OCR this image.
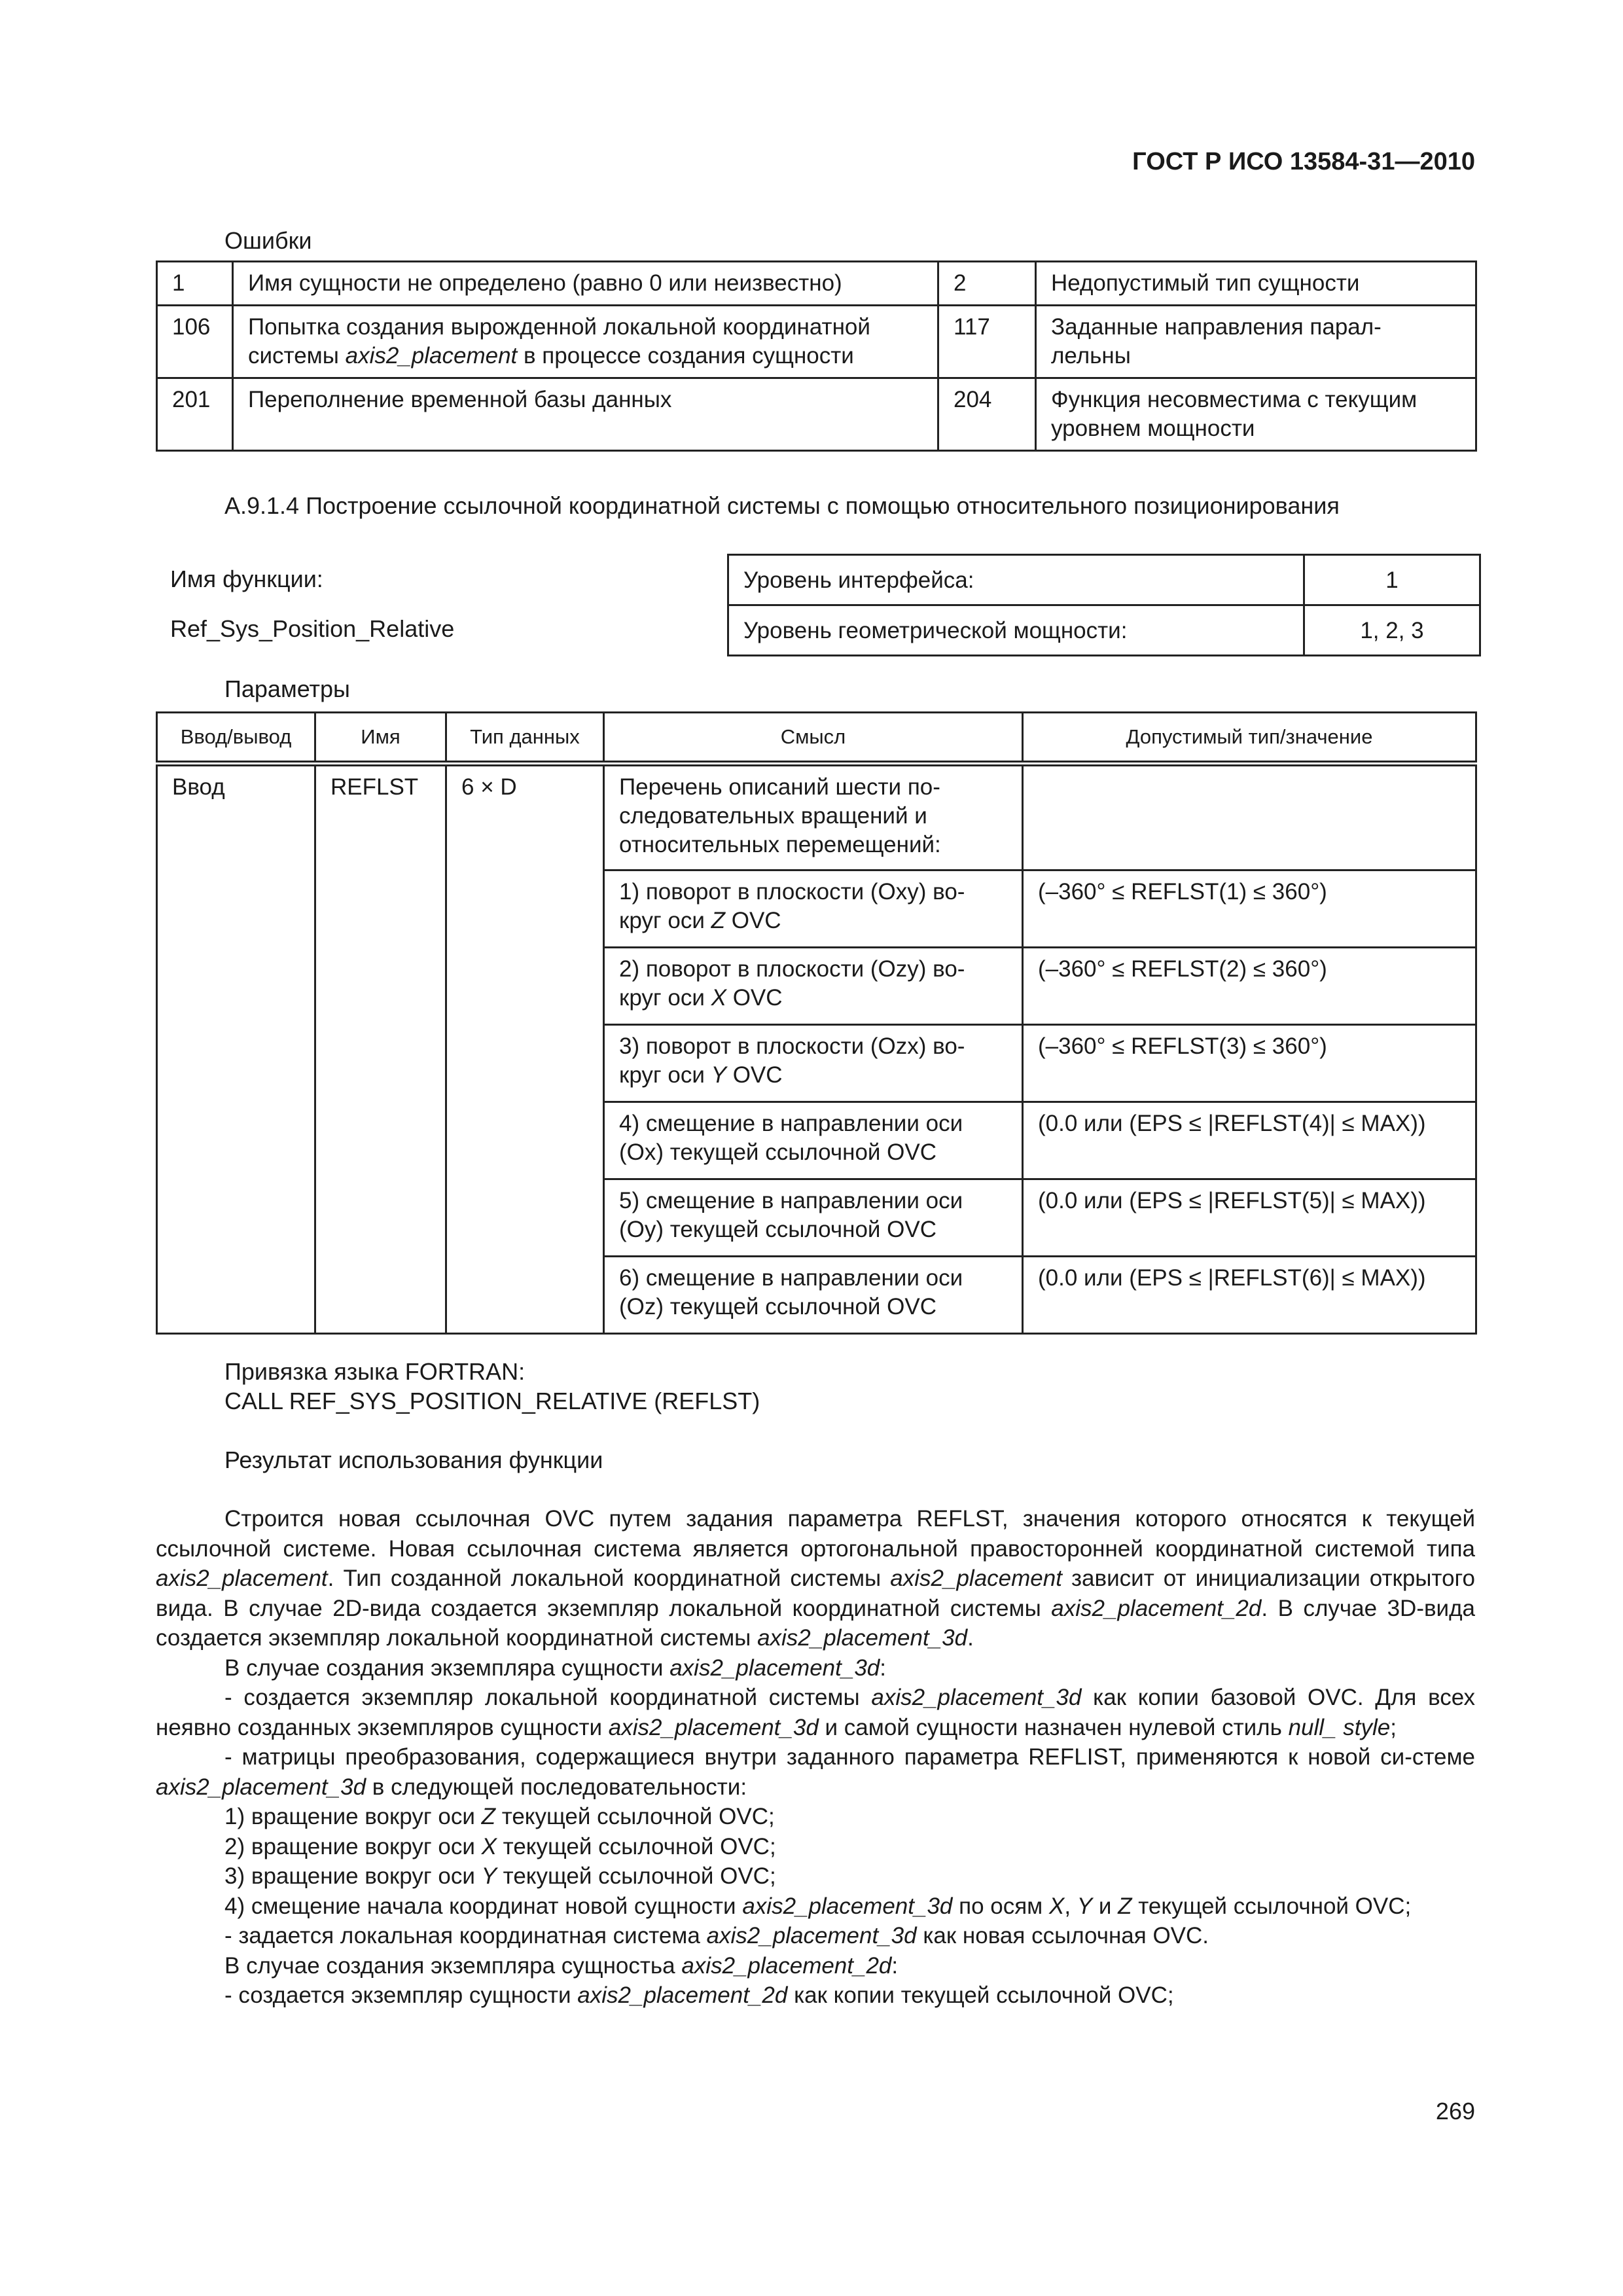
ГОСТ Р ИСО 13584-31—2010
Ошибки
1	Имя сущности не определено (равно 0 или неизвестно)	2	Недопустимый тип сущности
106	Попытка создания вырожденной локальной координатной системы axis2_placement в процессе создания сущности	117	Заданные направления парал-лельны
201	Переполнение временной базы данных	204	Функция несовместима с текущим уровнем мощности
А.9.1.4 Построение ссылочной координатной системы с помощью относительного позиционирования
Имя функции:
Ref_Sys_Position_Relative
Уровень интерфейса:	1
Уровень геометрической мощности:	1, 2, 3
Параметры
Ввод/вывод	Имя	Тип данных	Смысл	Допустимый тип/значение
Ввод	REFLST	6 × D	Перечень описаний шести по-следовательных вращений и относительных перемещений:	
			1) поворот в плоскости (Oxy) во-круг оси Z OVC	(–360° ≤ REFLST(1) ≤ 360°)
			2) поворот в плоскости (Ozy) во-круг оси X OVC	(–360° ≤ REFLST(2) ≤ 360°)
			3) поворот в плоскости (Ozx) во-круг оси Y OVC	(–360° ≤ REFLST(3) ≤ 360°)
			4) смещение в направлении оси (Ox) текущей ссылочной OVC	(0.0 или (EPS ≤ |REFLST(4)| ≤ MAX))
			5) смещение в направлении оси (Oy) текущей ссылочной OVC	(0.0 или (EPS ≤ |REFLST(5)| ≤ MAX))
			6) смещение в направлении оси (Oz) текущей ссылочной OVC	(0.0 или (EPS ≤ |REFLST(6)| ≤ MAX))
Привязка языка FORTRAN:
CALL REF_SYS_POSITION_RELATIVE (REFLST)
Результат использования функции
Строится новая ссылочная OVC путем задания параметра REFLST, значения которого относятся к текущей ссылочной системе. Новая ссылочная система является ортогональной правосторонней координатной системой типа axis2_placement. Тип созданной локальной координатной системы axis2_placement зависит от инициализации открытого вида. В случае 2D-вида создается экземпляр локальной координатной системы axis2_placement_2d. В случае 3D-вида создается экземпляр локальной координатной системы axis2_placement_3d.
В случае создания экземпляра сущности axis2_placement_3d:
- создается экземпляр локальной координатной системы axis2_placement_3d как копии базовой OVC. Для всех неявно созданных экземпляров сущности axis2_placement_3d и самой сущности назначен нулевой стиль null_ style;
- матрицы преобразования, содержащиеся внутри заданного параметра REFLIST, применяются к новой си-стеме axis2_placement_3d в следующей последовательности:
1) вращение вокруг оси Z текущей ссылочной OVC;
2) вращение вокруг оси X текущей ссылочной OVC;
3) вращение вокруг оси Y текущей ссылочной OVC;
4) смещение начала координат новой сущности axis2_placement_3d по осям X, Y и Z текущей ссылочной OVC;
- задается локальная координатная система axis2_placement_3d как новая ссылочная OVC.
В случае создания экземпляра сущностьа axis2_placement_2d:
- создается экземпляр сущности axis2_placement_2d как копии текущей ссылочной OVC;
269
